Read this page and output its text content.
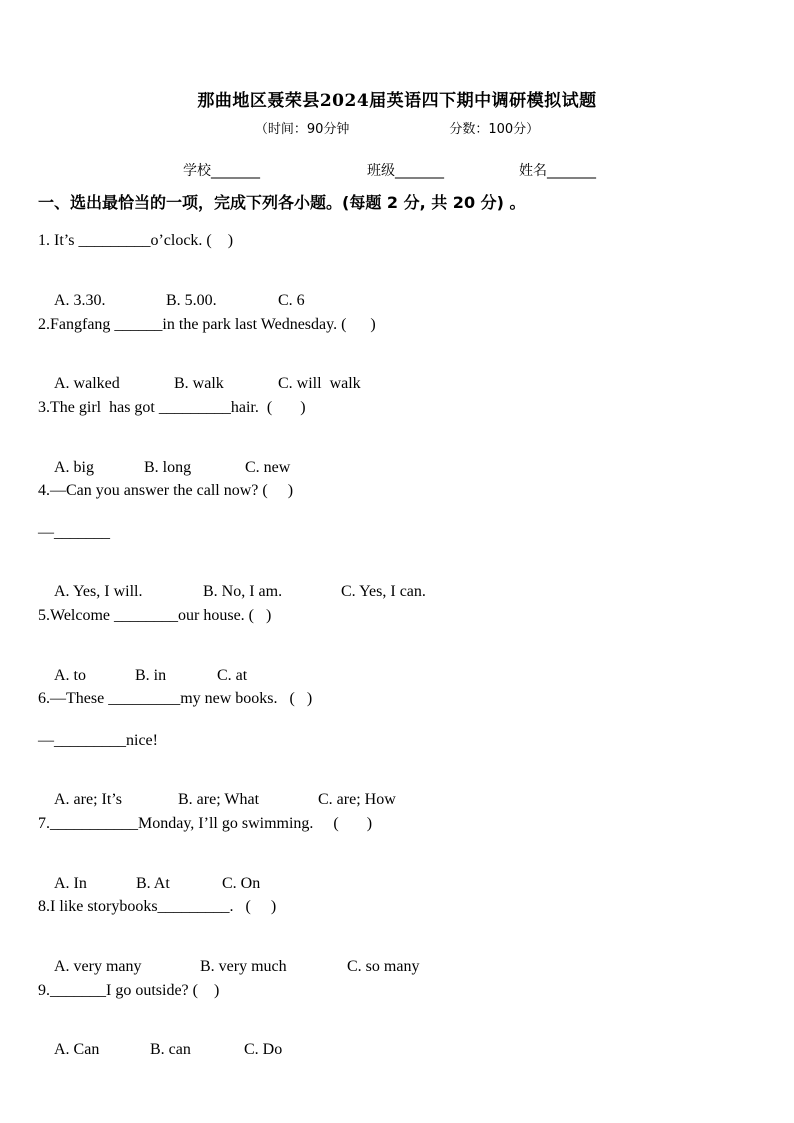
那曲地区聂荣县2024届英语四下期中调研模拟试题
（时间：90分钟	分数：100分）
学校_______	班级_______	姓名_______
一、选出最恰当的一项，完成下列各小题。(每题 2 分, 共 20 分) 。
1. It’s _________o’clock. (    )

A. 3.30.	B. 5.00.	C. 6

2.Fangfang ______in the park last Wednesday. (      )

A. walked	B. walk	C. will  walk

3.The girl  has got _________hair.  (       )

A. big	B. long	C. new

4.—Can you answer the call now? (     )
—_______

A. Yes, I will.	B. No, I am.	C. Yes, I can.

5.Welcome ________our house. (   )

A. to	B. in	C. at

6.—These _________my new books.   (   )
—_________nice!

A. are; It’s	B. are; What	C. are; How

7.___________Monday, I’ll go swimming.     (       )

A. In	B. At	C. On

8.I like storybooks_________.   (     )

A. very many	B. very much	C. so many

9._______I go outside? (    )

A. Can	B. can	C. Do
